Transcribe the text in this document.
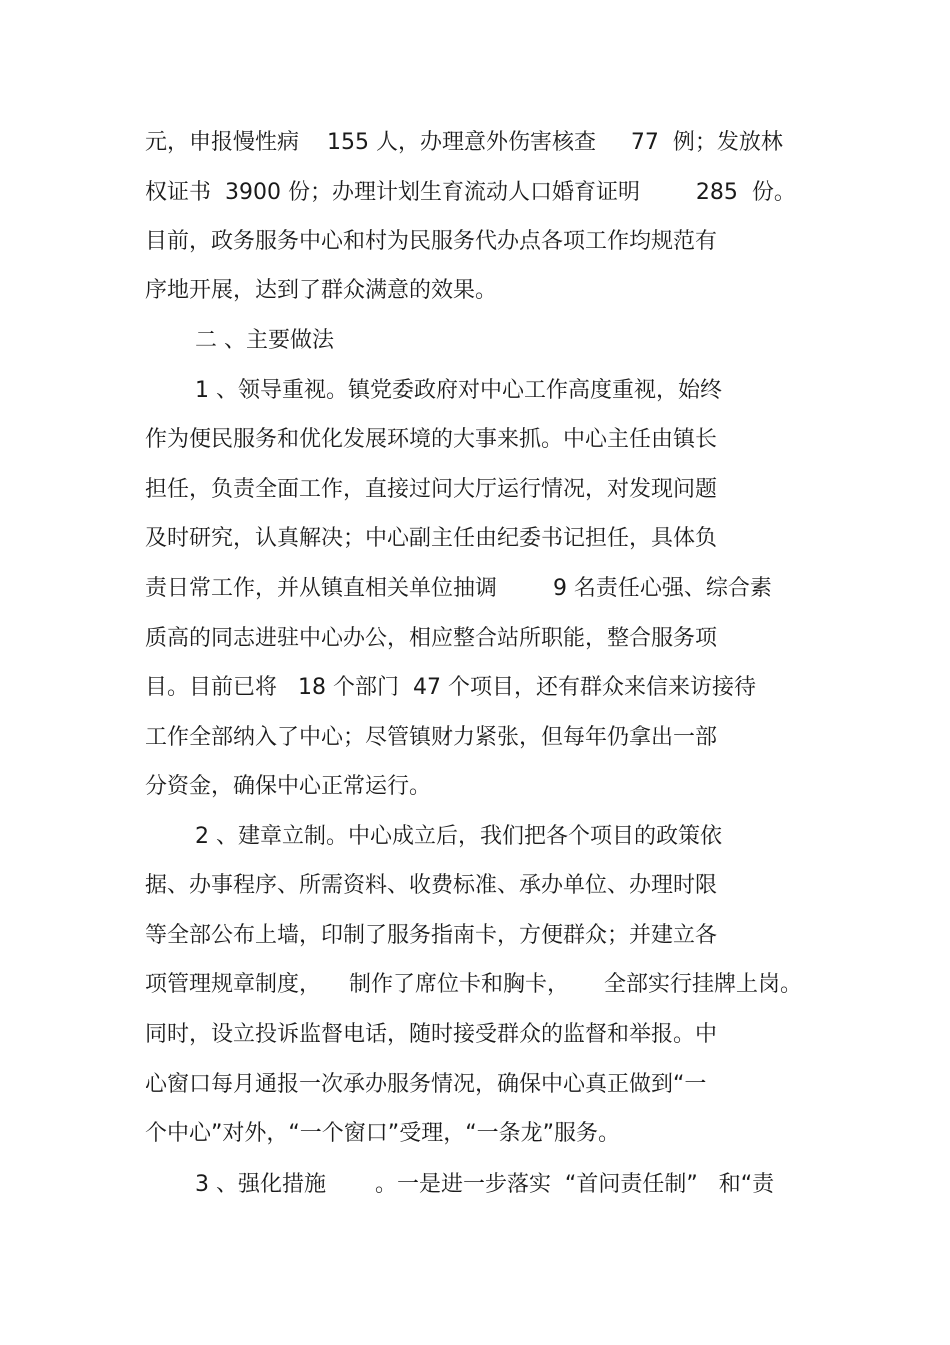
元，申报慢性病    155 人，办理意外伤害核查     77  例；发放林
权证书  3900 份；办理计划生育流动人口婚育证明        285  份。
目前，政务服务中心和村为民服务代办点各项工作均规范有
序地开展，达到了群众满意的效果。
二 、主要做法
1 、领导重视。镇党委政府对中心工作高度重视，始终
作为便民服务和优化发展环境的大事来抓。中心主任由镇长
担任，负责全面工作，直接过问大厅运行情况，对发现问题
及时研究，认真解决；中心副主任由纪委书记担任，具体负
责日常工作，并从镇直相关单位抽调        9 名责任心强、综合素
质高的同志进驻中心办公，相应整合站所职能，整合服务项
目。目前已将   18 个部门  47 个项目，还有群众来信来访接待
工作全部纳入了中心；尽管镇财力紧张，但每年仍拿出一部
分资金，确保中心正常运行。
2 、建章立制。中心成立后，我们把各个项目的政策依
据、办事程序、所需资料、收费标准、承办单位、办理时限
等全部公布上墙，印制了服务指南卡，方便群众；并建立各
项管理规章制度，    制作了席位卡和胸卡，     全部实行挂牌上岗。
同时，设立投诉监督电话，随时接受群众的监督和举报。中
心窗口每月通报一次承办服务情况，确保中心真正做到“一
个中心”对外，“一个窗口”受理，“一条龙”服务。
3 、强化措施       。一是进一步落实  “首问责任制”   和“责
